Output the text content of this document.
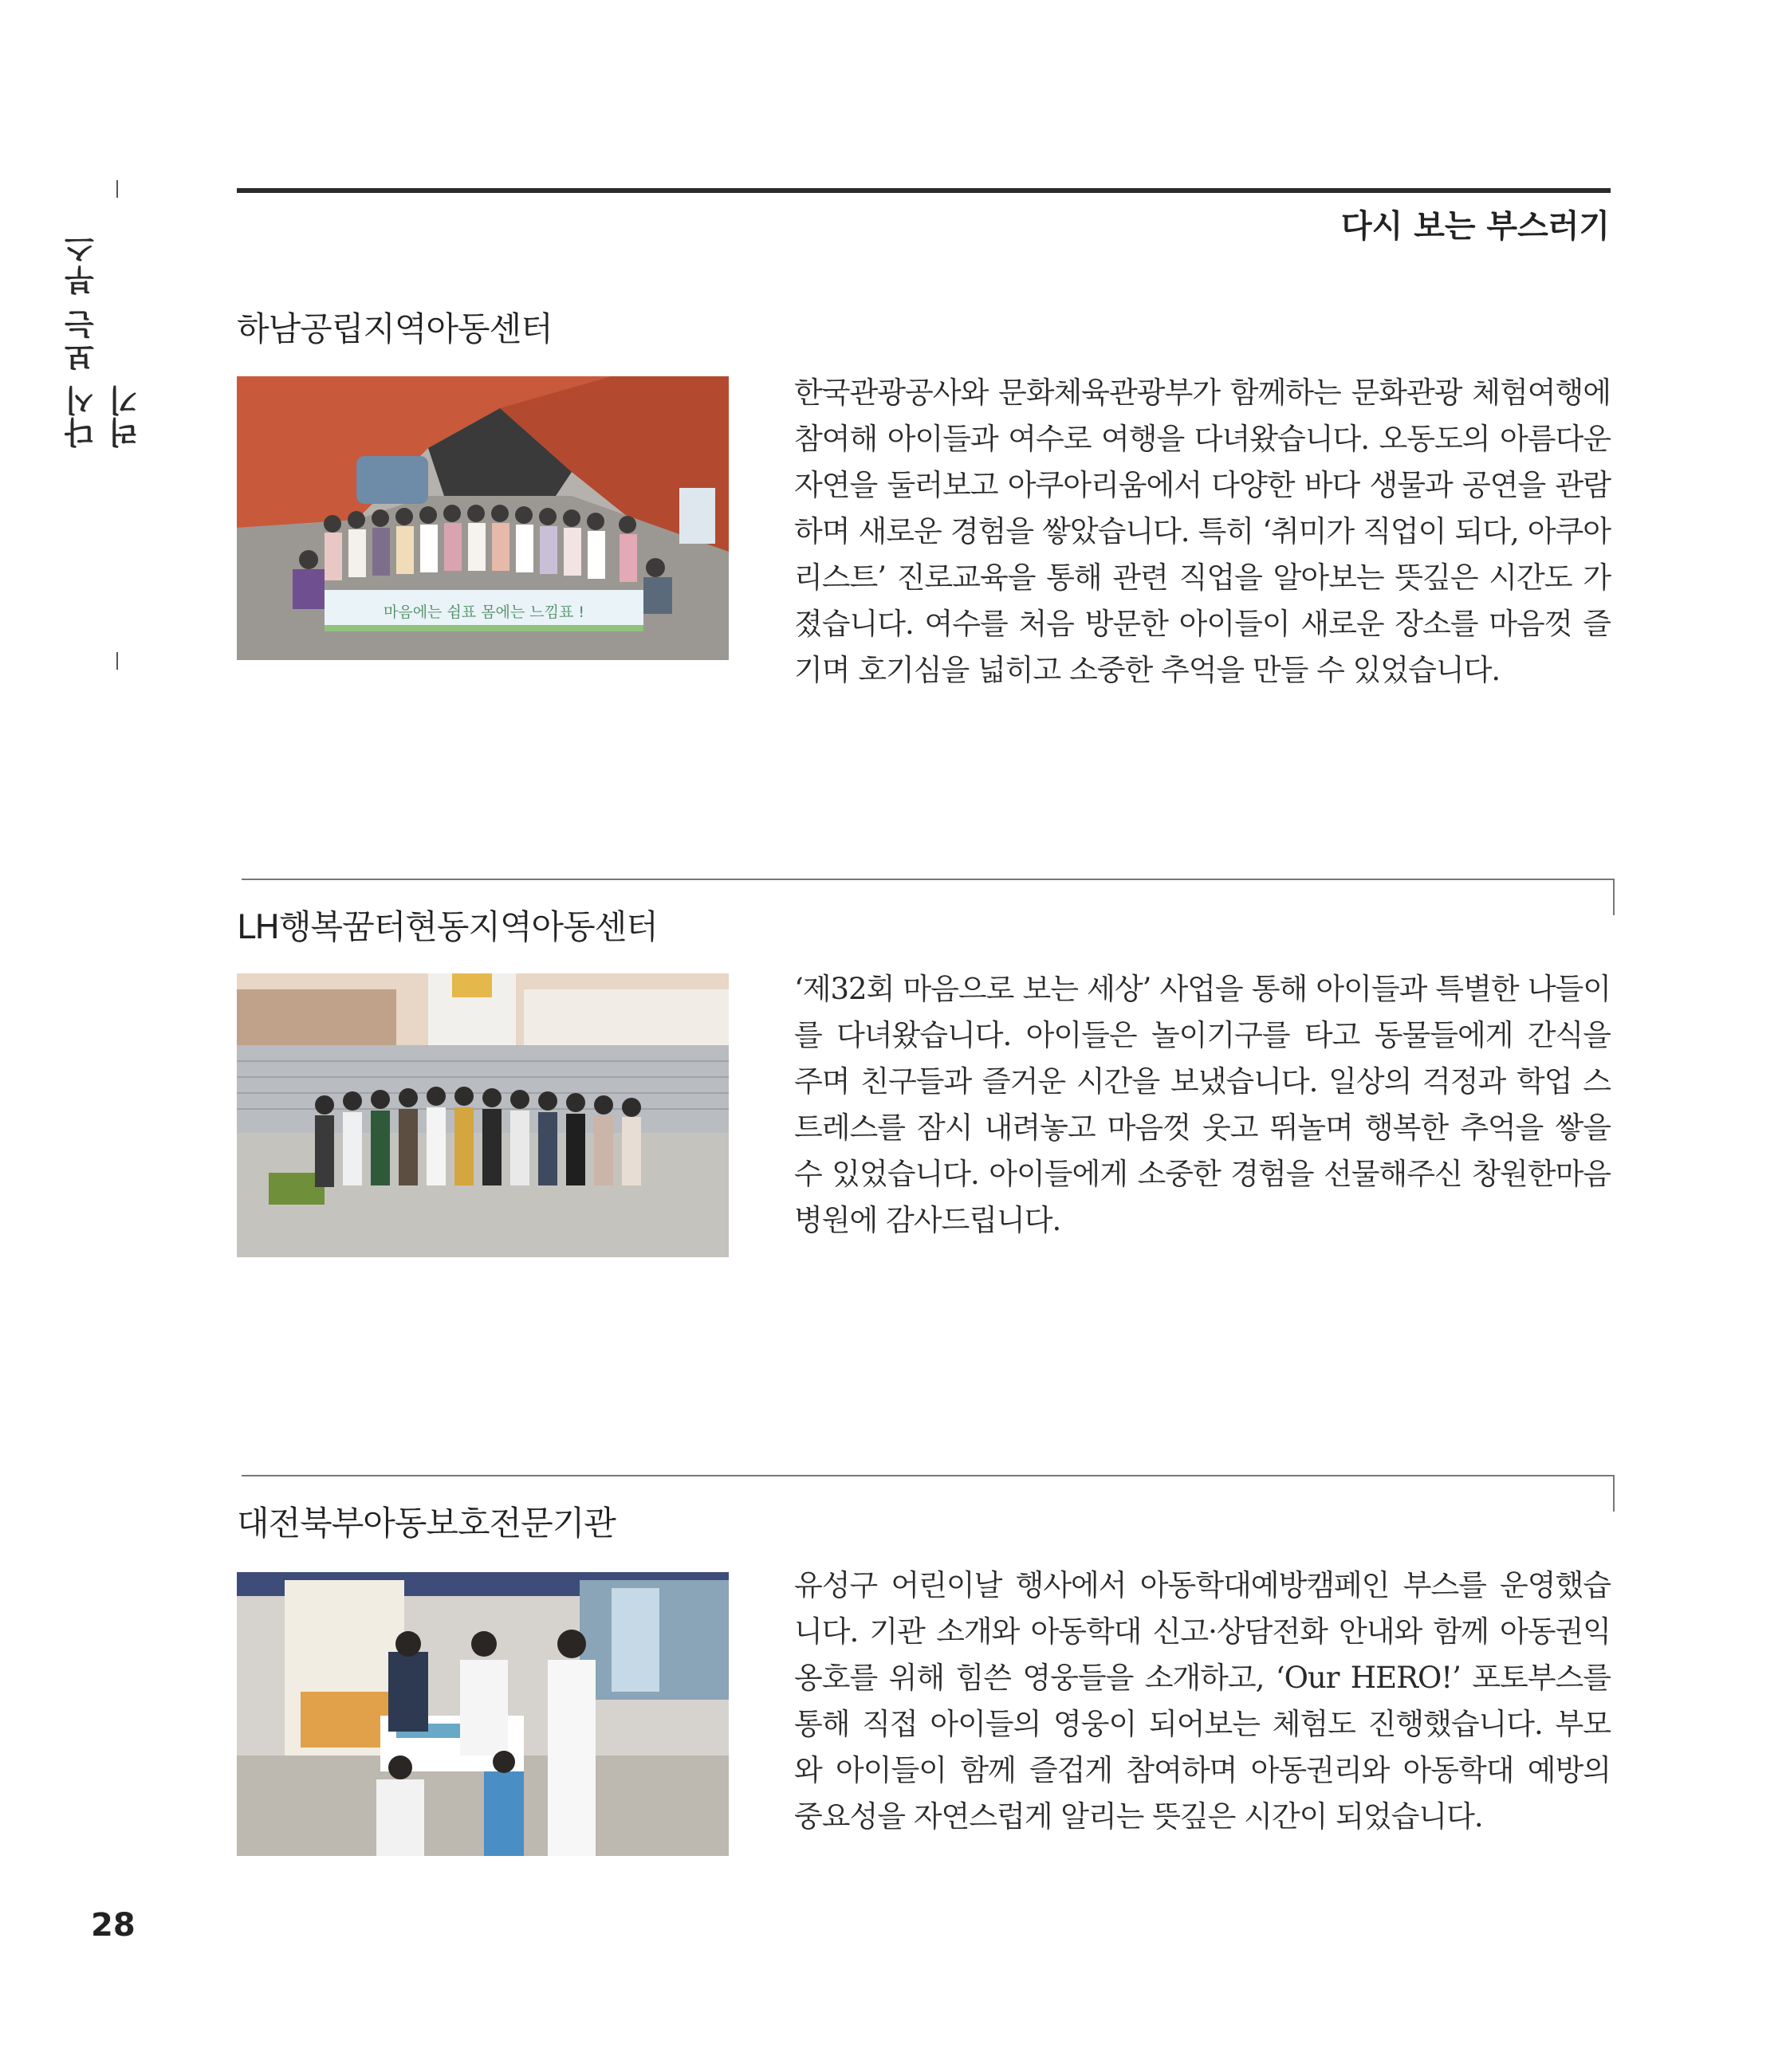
다시 보는 부스러기
다시 보는 부스러기
하남공립지역아동센터
마음에는 쉼표 몸에는 느낌표 !

한국관광공사와 문화체육관광부가 함께하는 문화관광 체험여행에 참여해 아이들과 여수로 여행을 다녀왔습니다. 오동도의 아름다운 자연을 둘러보고 아쿠아리움에서 다양한 바다 생물과 공연을 관람하며 새로운 경험을 쌓았습니다. 특히 ‘취미가 직업이 되다, 아쿠아리스트’ 진로교육을 통해 관련 직업을 알아보는 뜻깊은 시간도 가졌습니다. 여수를 처음 방문한 아이들이 새로운 장소를 마음껏 즐기며 호기심을 넓히고 소중한 추억을 만들 수 있었습니다.

LH행복꿈터현동지역아동센터

‘제32회 마음으로 보는 세상’ 사업을 통해 아이들과 특별한 나들이를 다녀왔습니다. 아이들은 놀이기구를 타고 동물들에게 간식을 주며 친구들과 즐거운 시간을 보냈습니다. 일상의 걱정과 학업 스트레스를 잠시 내려놓고 마음껏 웃고 뛰놀며 행복한 추억을 쌓을 수 있었습니다. 아이들에게 소중한 경험을 선물해주신 창원한마음병원에 감사드립니다.

대전북부아동보호전문기관

유성구 어린이날 행사에서 아동학대예방캠페인 부스를 운영했습니다. 기관 소개와 아동학대 신고·상담전화 안내와 함께 아동권익 옹호를 위해 힘쓴 영웅들을 소개하고, ‘Our HERO!’ 포토부스를 통해 직접 아이들의 영웅이 되어보는 체험도 진행했습니다. 부모와 아이들이 함께 즐겁게 참여하며 아동권리와 아동학대 예방의 중요성을 자연스럽게 알리는 뜻깊은 시간이 되었습니다.

28
